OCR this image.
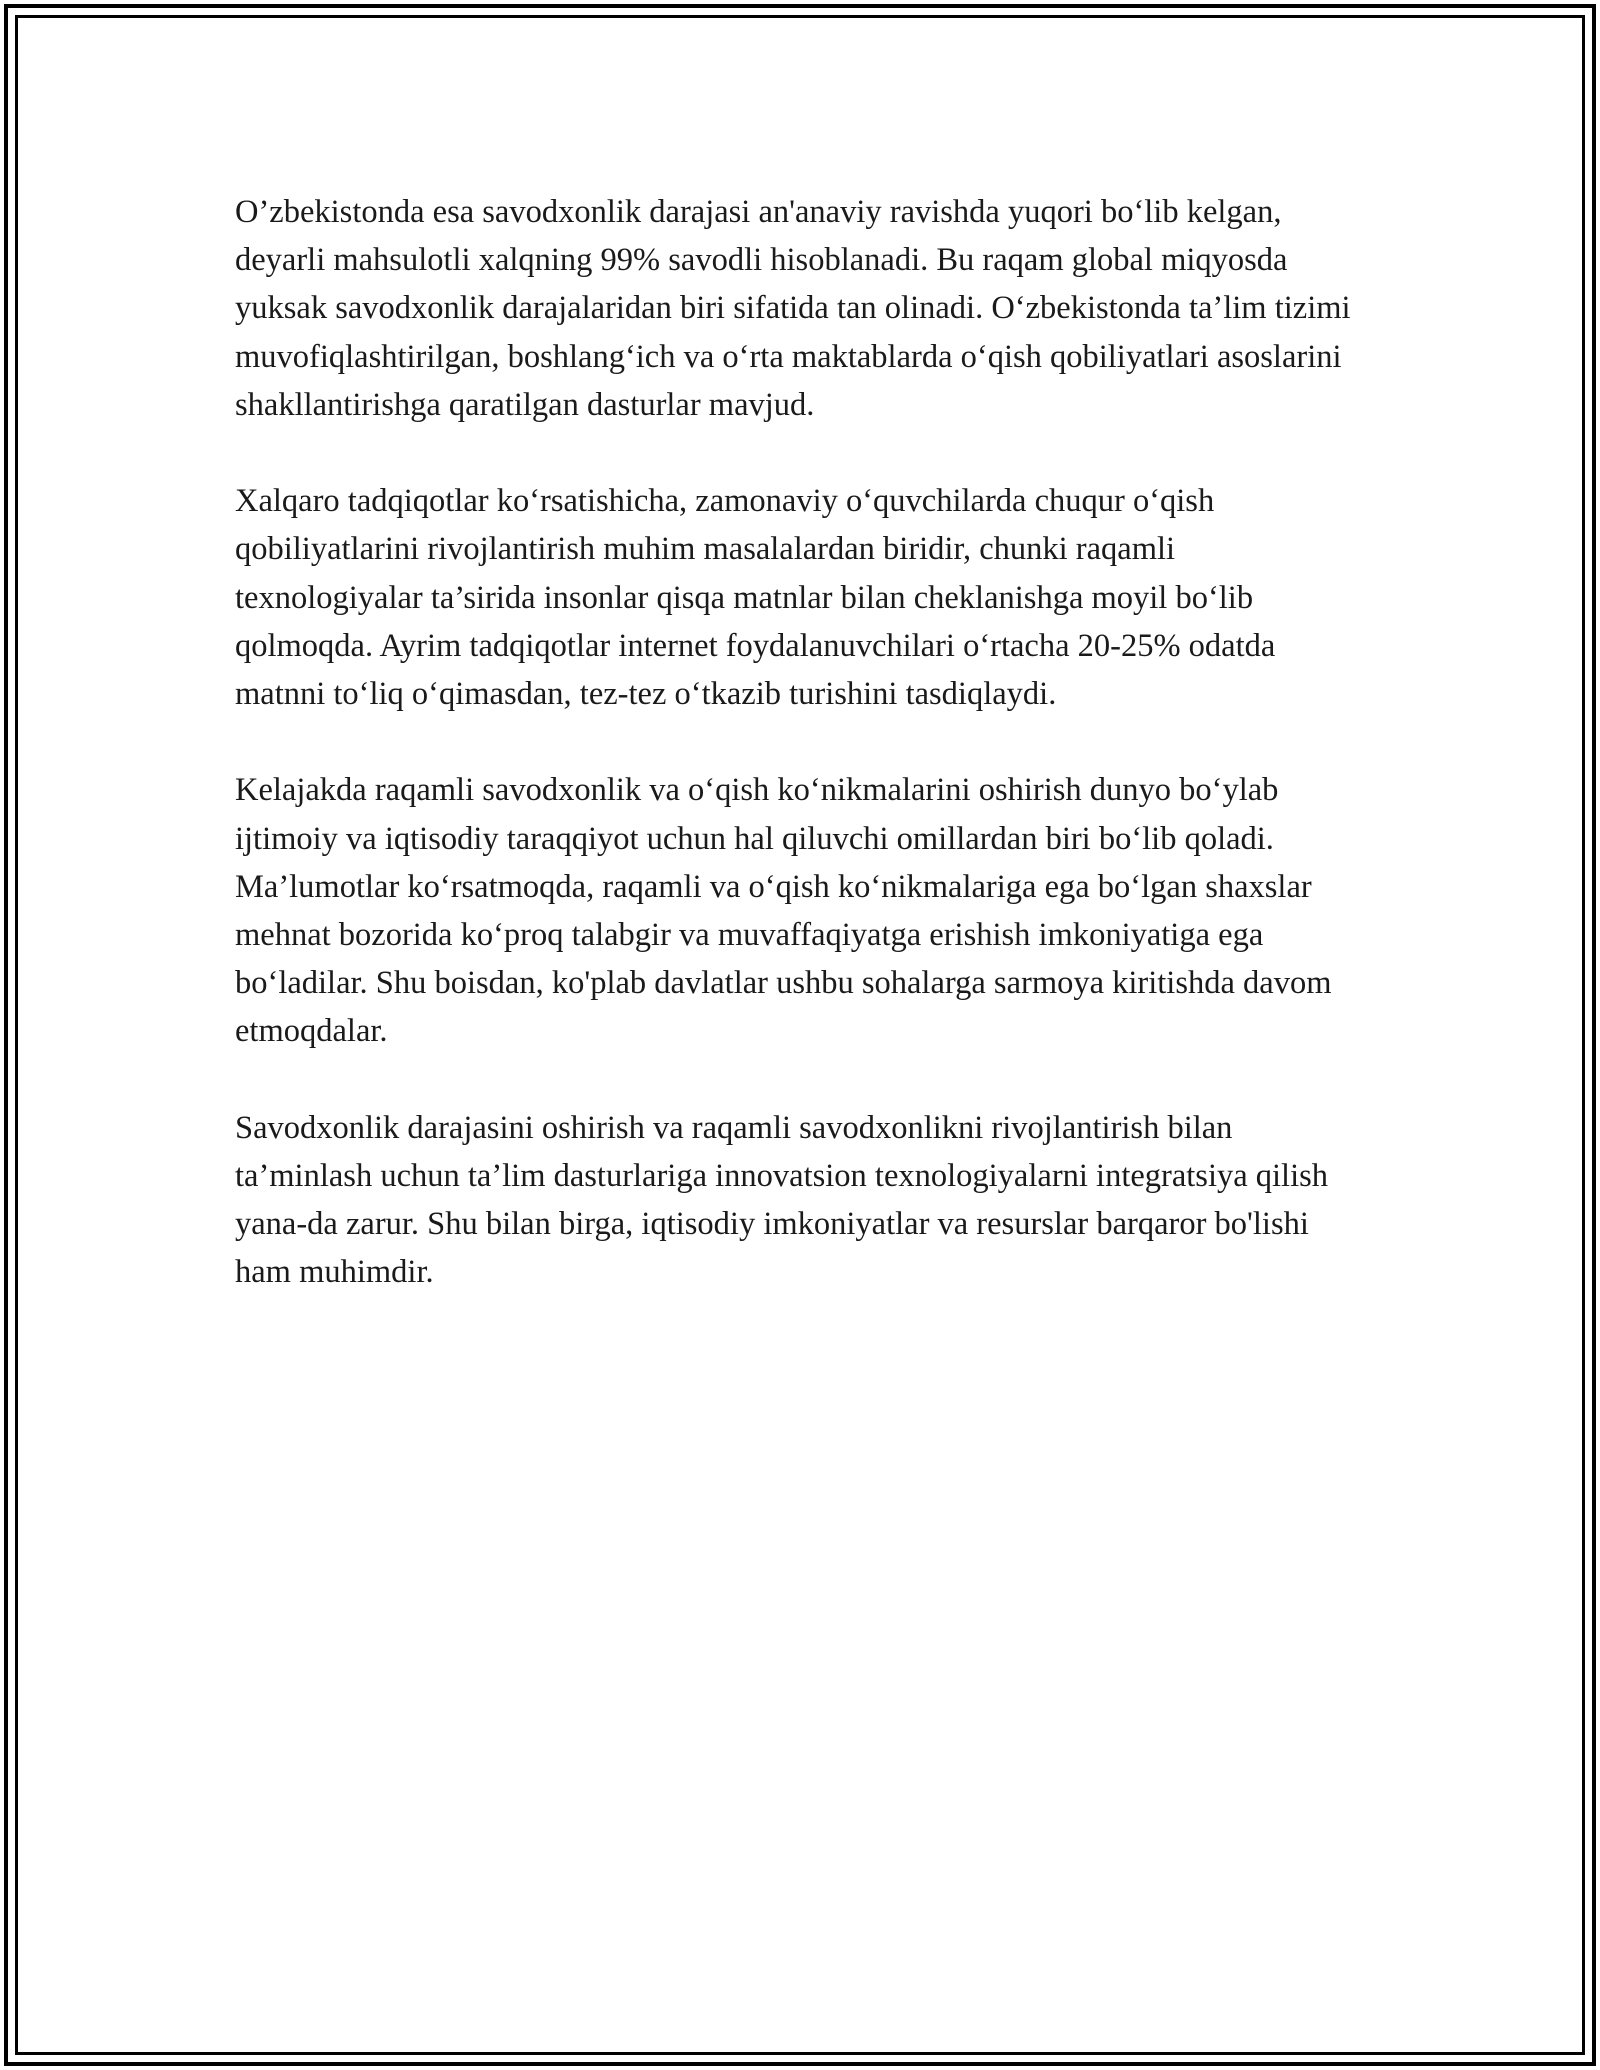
O’zbekistonda esa savodxonlik darajasi an'anaviy ravishda yuqori bo‘lib kelgan, deyarli mahsulotli xalqning 99% savodli hisoblanadi. Bu raqam global miqyosda yuksak savodxonlik darajalaridan biri sifatida tan olinadi. O‘zbekistonda ta’lim tizimi muvofiqlashtirilgan, boshlang‘ich va o‘rta maktablarda o‘qish qobiliyatlari asoslarini shakllantirishga qaratilgan dasturlar mavjud.

Xalqaro tadqiqotlar ko‘rsatishicha, zamonaviy o‘quvchilarda chuqur o‘qish qobiliyatlarini rivojlantirish muhim masalalardan biridir, chunki raqamli texnologiyalar ta’sirida insonlar qisqa matnlar bilan cheklanishga moyil bo‘lib qolmoqda. Ayrim tadqiqotlar internet foydalanuvchilari o‘rtacha 20-25% odatda matnni to‘liq o‘qimasdan, tez-tez o‘tkazib turishini tasdiqlaydi.

Kelajakda raqamli savodxonlik va o‘qish ko‘nikmalarini oshirish dunyo bo‘ylab ijtimoiy va iqtisodiy taraqqiyot uchun hal qiluvchi omillardan biri bo‘lib qoladi. Ma’lumotlar ko‘rsatmoqda, raqamli va o‘qish ko‘nikmalariga ega bo‘lgan shaxslar mehnat bozorida ko‘proq talabgir va muvaffaqiyatga erishish imkoniyatiga ega bo‘ladilar. Shu boisdan, ko'plab davlatlar ushbu sohalarga sarmoya kiritishda davom etmoqdalar.

Savodxonlik darajasini oshirish va raqamli savodxonlikni rivojlantirish bilan ta’minlash uchun ta’lim dasturlariga innovatsion texnologiyalarni integratsiya qilish yana-da zarur. Shu bilan birga, iqtisodiy imkoniyatlar va resurslar barqaror bo'lishi ham muhimdir.
